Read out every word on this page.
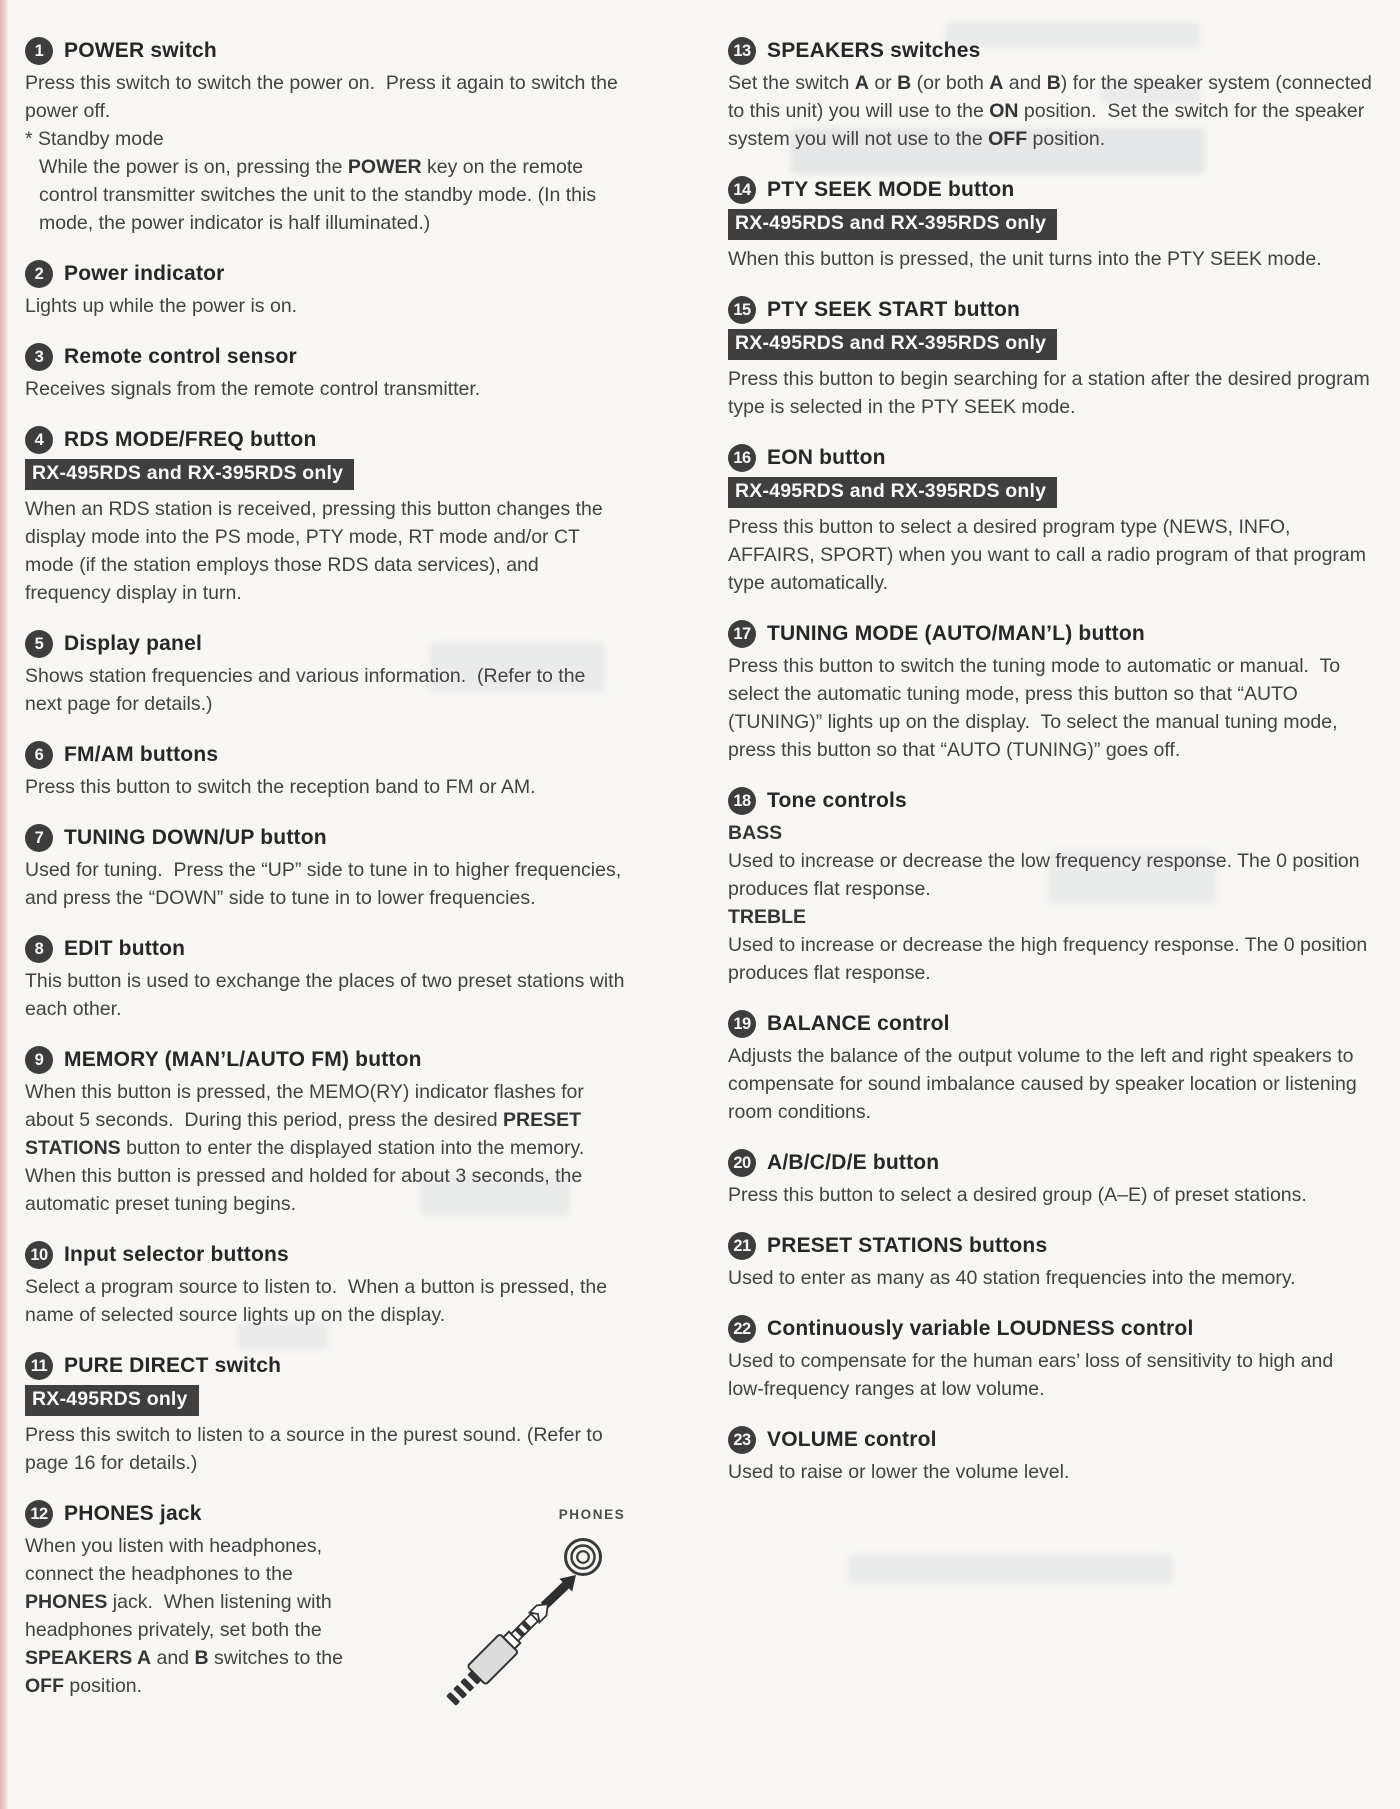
1 POWER switch
Press this switch to switch the power on.  Press it again to switch the power off.
* Standby mode
While the power is on, pressing the POWER key on the remote control transmitter switches the unit to the standby mode. (In this mode, the power indicator is half illuminated.)
2 Power indicator
Lights up while the power is on.
3 Remote control sensor
Receives signals from the remote control transmitter.
4 RDS MODE/FREQ button
RX-495RDS and RX-395RDS only
When an RDS station is received, pressing this button changes the display mode into the PS mode, PTY mode, RT mode and/or CT mode (if the station employs those RDS data services), and frequency display in turn.
5 Display panel
Shows station frequencies and various information.  (Refer to the next page for details.)
6 FM/AM buttons
Press this button to switch the reception band to FM or AM.
7 TUNING DOWN/UP button
Used for tuning.  Press the “UP” side to tune in to higher frequencies, and press the “DOWN” side to tune in to lower frequencies.
8 EDIT button
This button is used to exchange the places of two preset stations with each other.
9 MEMORY (MAN’L/AUTO FM) button
When this button is pressed, the MEMO(RY) indicator flashes for about 5 seconds.  During this period, press the desired PRESET STATIONS button to enter the displayed station into the memory.
When this button is pressed and holded for about 3 seconds, the automatic preset tuning begins.
10 Input selector buttons
Select a program source to listen to.  When a button is pressed, the name of selected source lights up on the display.
11 PURE DIRECT switch
RX-495RDS only
Press this switch to listen to a source in the purest sound. (Refer to page 16 for details.)
12 PHONES jack
When you listen with headphones, connect the headphones to the PHONES jack.  When listening with headphones privately, set both the SPEAKERS A and B switches to the OFF position.
PHONES
13 SPEAKERS switches
Set the switch A or B (or both A and B) for the speaker system (connected to this unit) you will use to the ON position.  Set the switch for the speaker system you will not use to the OFF position.
14 PTY SEEK MODE button
RX-495RDS and RX-395RDS only
When this button is pressed, the unit turns into the PTY SEEK mode.
15 PTY SEEK START button
RX-495RDS and RX-395RDS only
Press this button to begin searching for a station after the desired program type is selected in the PTY SEEK mode.
16 EON button
RX-495RDS and RX-395RDS only
Press this button to select a desired program type (NEWS, INFO, AFFAIRS, SPORT) when you want to call a radio program of that program type automatically.
17 TUNING MODE (AUTO/MAN’L) button
Press this button to switch the tuning mode to automatic or manual.  To select the automatic tuning mode, press this button so that “AUTO (TUNING)” lights up on the display.  To select the manual tuning mode, press this button so that “AUTO (TUNING)” goes off.
18 Tone controls
BASS
Used to increase or decrease the low frequency response. The 0 position produces flat response.
TREBLE
Used to increase or decrease the high frequency response. The 0 position produces flat response.
19 BALANCE control
Adjusts the balance of the output volume to the left and right speakers to compensate for sound imbalance caused by speaker location or listening room conditions.
20 A/B/C/D/E button
Press this button to select a desired group (A–E) of preset stations.
21 PRESET STATIONS buttons
Used to enter as many as 40 station frequencies into the memory.
22 Continuously variable LOUDNESS control
Used to compensate for the human ears’ loss of sensitivity to high and low-frequency ranges at low volume.
23 VOLUME control
Used to raise or lower the volume level.
